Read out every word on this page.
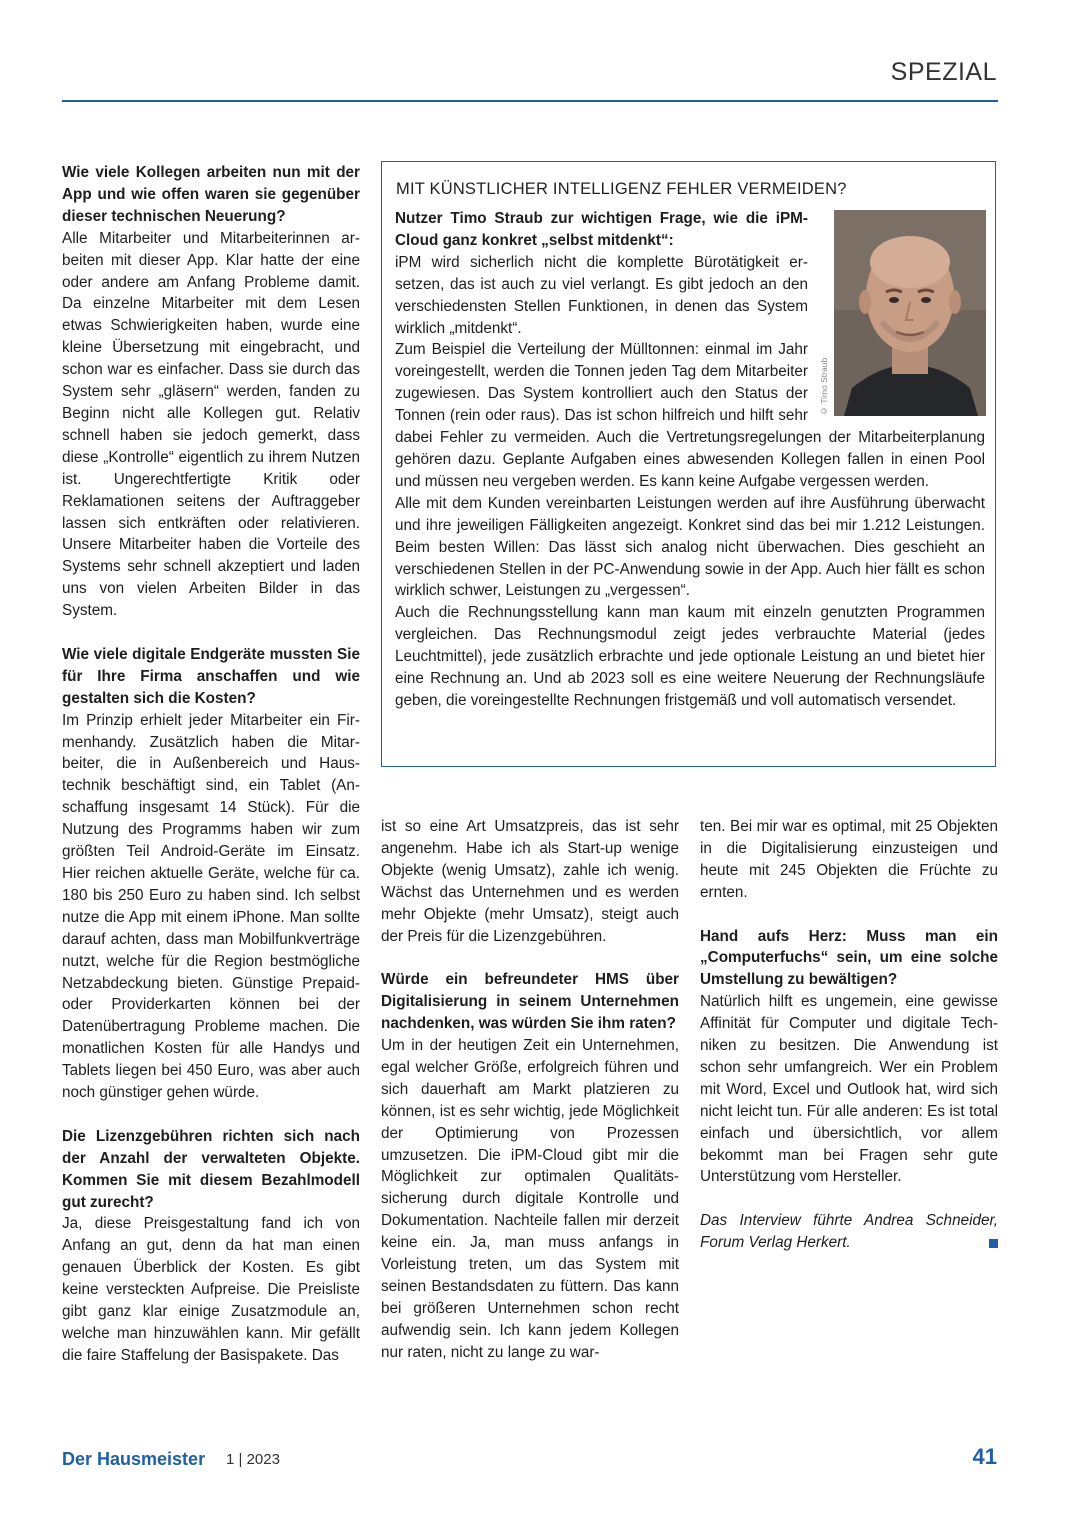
SPEZIAL
Wie viele Kollegen arbeiten nun mit der App und wie offen waren sie gegenüber dieser technischen Neuerung?

Alle Mitarbeiter und Mitarbeiterinnen arbeiten mit dieser App. Klar hatte der eine oder andere am Anfang Probleme damit. Da einzelne Mitarbeiter mit dem Lesen etwas Schwierigkeiten haben, wurde eine kleine Übersetzung mit eingebracht, und schon war es einfacher. Dass sie durch das System sehr „gläsern“ werden, fanden zu Beginn nicht alle Kollegen gut. Relativ schnell haben sie jedoch gemerkt, dass diese „Kontrolle“ eigentlich zu ihrem Nutzen ist. Ungerechtfertigte Kritik oder Reklamationen seitens der Auftraggeber lassen sich entkräften oder relativieren. Unsere Mitarbeiter haben die Vorteile des Systems sehr schnell akzeptiert und laden uns von vielen Arbeiten Bilder in das System.

Wie viele digitale Endgeräte mussten Sie für Ihre Firma anschaffen und wie gestalten sich die Kosten?

Im Prinzip erhielt jeder Mitarbeiter ein Firmenhandy. Zusätzlich haben die Mitarbeiter, die in Außenbereich und Haustechnik beschäftigt sind, ein Tablet (Anschaffung insgesamt 14 Stück). Für die Nutzung des Programms haben wir zum größten Teil Android-Geräte im Einsatz. Hier reichen aktuelle Geräte, welche für ca. 180 bis 250 Euro zu haben sind. Ich selbst nutze die App mit einem iPhone. Man sollte darauf achten, dass man Mobilfunkverträge nutzt, welche für die Region bestmögliche Netzabdeckung bieten. Günstige Prepaid- oder Providerkarten können bei der Datenübertragung Probleme machen. Die monatlichen Kosten für alle Handys und Tablets liegen bei 450 Euro, was aber auch noch günstiger gehen würde.

Die Lizenzgebühren richten sich nach der Anzahl der verwalteten Objekte. Kommen Sie mit diesem Bezahlmodell gut zurecht?

Ja, diese Preisgestaltung fand ich von Anfang an gut, denn da hat man einen genauen Überblick der Kosten. Es gibt keine versteckten Aufpreise. Die Preisliste gibt ganz klar einige Zusatzmodule an, welche man hinzuwählen kann. Mir gefällt die faire Staffelung der Basispakete. Das

MIT KÜNSTLICHER INTELLIGENZ FEHLER VERMEIDEN?
© Timo Straub
Nutzer Timo Straub zur wichtigen Frage, wie die iPM-Cloud ganz konkret „selbst mitdenkt“:

iPM wird sicherlich nicht die komplette Bürotätigkeit ersetzen, das ist auch zu viel verlangt. Es gibt jedoch an den verschiedensten Stellen Funktionen, in denen das System wirklich „mitdenkt“.

Zum Beispiel die Verteilung der Mülltonnen: einmal im Jahr voreingestellt, werden die Tonnen jeden Tag dem Mitarbeiter zugewiesen. Das System kontrolliert auch den Status der Tonnen (rein oder raus). Das ist schon hilfreich und hilft sehr dabei Fehler zu vermeiden. Auch die Vertretungsregelungen der Mitarbeiterplanung gehören dazu. Geplante Aufgaben eines abwesenden Kollegen fallen in einen Pool und müssen neu vergeben werden. Es kann keine Aufgabe vergessen werden.

Alle mit dem Kunden vereinbarten Leistungen werden auf ihre Ausführung überwacht und ihre jeweiligen Fälligkeiten angezeigt. Konkret sind das bei mir 1.212 Leistungen. Beim besten Willen: Das lässt sich analog nicht überwachen. Dies geschieht an verschiedenen Stellen in der PC-Anwendung sowie in der App. Auch hier fällt es schon wirklich schwer, Leistungen zu „vergessen“.

Auch die Rechnungsstellung kann man kaum mit einzeln genutzten Programmen vergleichen. Das Rechnungsmodul zeigt jedes verbrauchte Material (jedes Leuchtmittel), jede zusätzlich erbrachte und jede optionale Leistung an und bietet hier eine Rechnung an. Und ab 2023 soll es eine weitere Neuerung der Rechnungsläufe geben, die voreingestellte Rechnungen fristgemäß und voll automatisch versendet.

ist so eine Art Umsatzpreis, das ist sehr angenehm. Habe ich als Start-up wenige Objekte (wenig Umsatz), zahle ich wenig. Wächst das Unternehmen und es werden mehr Objekte (mehr Umsatz), steigt auch der Preis für die Lizenzgebühren.

Würde ein befreundeter HMS über Digitalisierung in seinem Unternehmen nachdenken, was würden Sie ihm raten?

Um in der heutigen Zeit ein Unternehmen, egal welcher Größe, erfolgreich führen und sich dauerhaft am Markt platzieren zu können, ist es sehr wichtig, jede Möglichkeit der Optimierung von Prozessen umzusetzen. Die iPM-Cloud gibt mir die Möglichkeit zur optimalen Qualitätssicherung durch digitale Kontrolle und Dokumentation. Nachteile fallen mir derzeit keine ein. Ja, man muss anfangs in Vorleistung treten, um das System mit seinen Bestandsdaten zu füttern. Das kann bei größeren Unternehmen schon recht aufwendig sein. Ich kann jedem Kollegen nur raten, nicht zu lange zu war-

ten. Bei mir war es optimal, mit 25 Objekten in die Digitalisierung einzusteigen und heute mit 245 Objekten die Früchte zu ernten.

Hand aufs Herz: Muss man ein „Computerfuchs“ sein, um eine solche Umstellung zu bewältigen?

Natürlich hilft es ungemein, eine gewisse Affinität für Computer und digitale Techniken zu besitzen. Die Anwendung ist schon sehr umfangreich. Wer ein Problem mit Word, Excel und Outlook hat, wird sich nicht leicht tun. Für alle anderen: Es ist total einfach und übersichtlich, vor allem bekommt man bei Fragen sehr gute Unterstützung vom Hersteller.

Das Interview führte Andrea Schneider, Forum Verlag Herkert.

Der Hausmeister 1 | 2023	41
